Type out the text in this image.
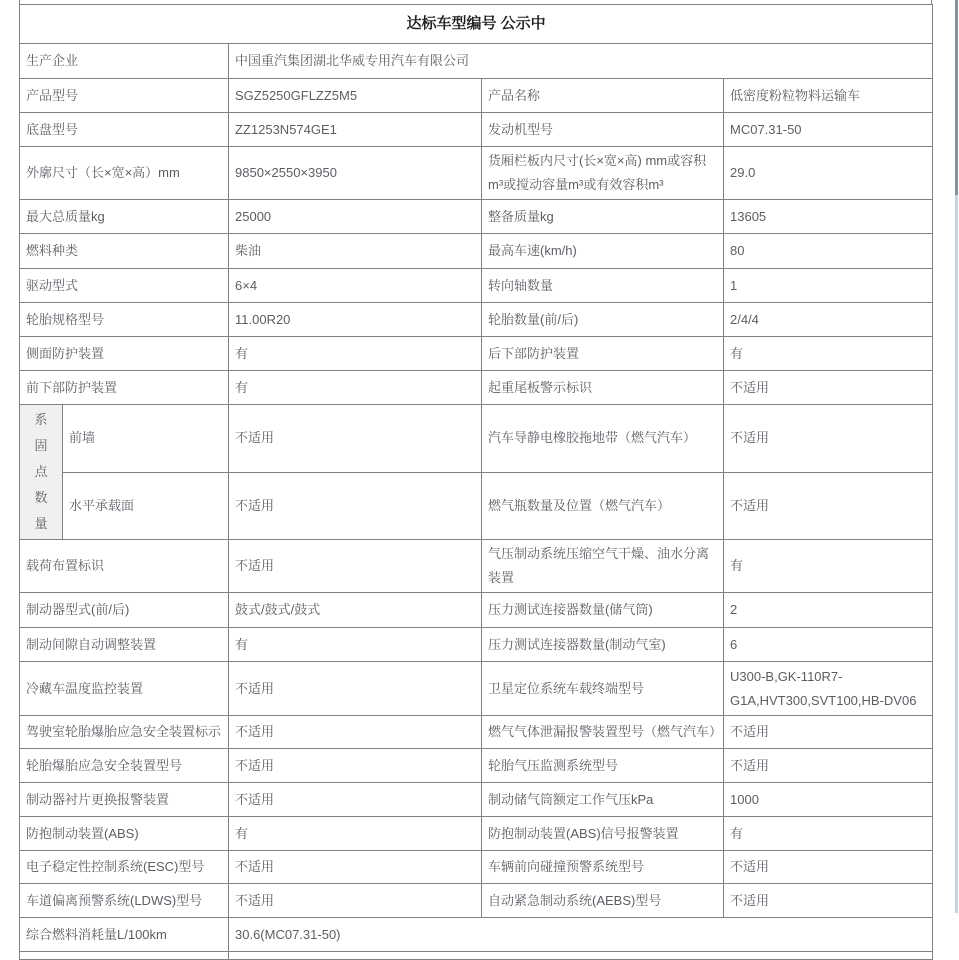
达标车型编号 公示中				
生产企业		中国重汽集团湖北华威专用汽车有限公司		
产品型号		SGZ5250GFLZZ5M5	产品名称	低密度粉粒物料运输车
底盘型号		ZZ1253N574GE1	发动机型号	MC07.31-50
外廓尺寸（长×宽×高）mm		9850×2550×3950	货厢栏板内尺寸(长×宽×高) mm或容积m³或搅动容量m³或有效容积m³	29.0
最大总质量kg		25000	整备质量kg	13605
燃料种类		柴油	最高车速(km/h)	80
驱动型式		6×4	转向轴数量	1
轮胎规格型号		11.00R20	轮胎数量(前/后)	2/4/4
侧面防护装置		有	后下部防护装置	有
前下部防护装置		有	起重尾板警示标识	不适用

系固点数量	前墙	不适用	汽车导静电橡胶拖地带（燃气汽车）	不适用
	水平承载面	不适用	燃气瓶数量及位置（燃气汽车）	不适用
载荷布置标识		不适用	气压制动系统压缩空气干燥、油水分离装置	有
制动器型式(前/后)		鼓式/鼓式/鼓式	压力测试连接器数量(储气筒)	2
制动间隙自动调整装置		有	压力测试连接器数量(制动气室)	6
冷藏车温度监控装置		不适用	卫星定位系统车载终端型号	U300-B,GK-110R7-G1A,HVT300,SVT100,HB-DV06
驾驶室轮胎爆胎应急安全装置标示		不适用	燃气气体泄漏报警装置型号（燃气汽车）	不适用
轮胎爆胎应急安全装置型号		不适用	轮胎气压监测系统型号	不适用
制动器衬片更换报警装置		不适用	制动储气筒额定工作气压kPa	1000
防抱制动装置(ABS)		有	防抱制动装置(ABS)信号报警装置	有
电子稳定性控制系统(ESC)型号		不适用	车辆前向碰撞预警系统型号	不适用
车道偏离预警系统(LDWS)型号		不适用	自动紧急制动系统(AEBS)型号	不适用
综合燃料消耗量L/100km		30.6(MC07.31-50)		
